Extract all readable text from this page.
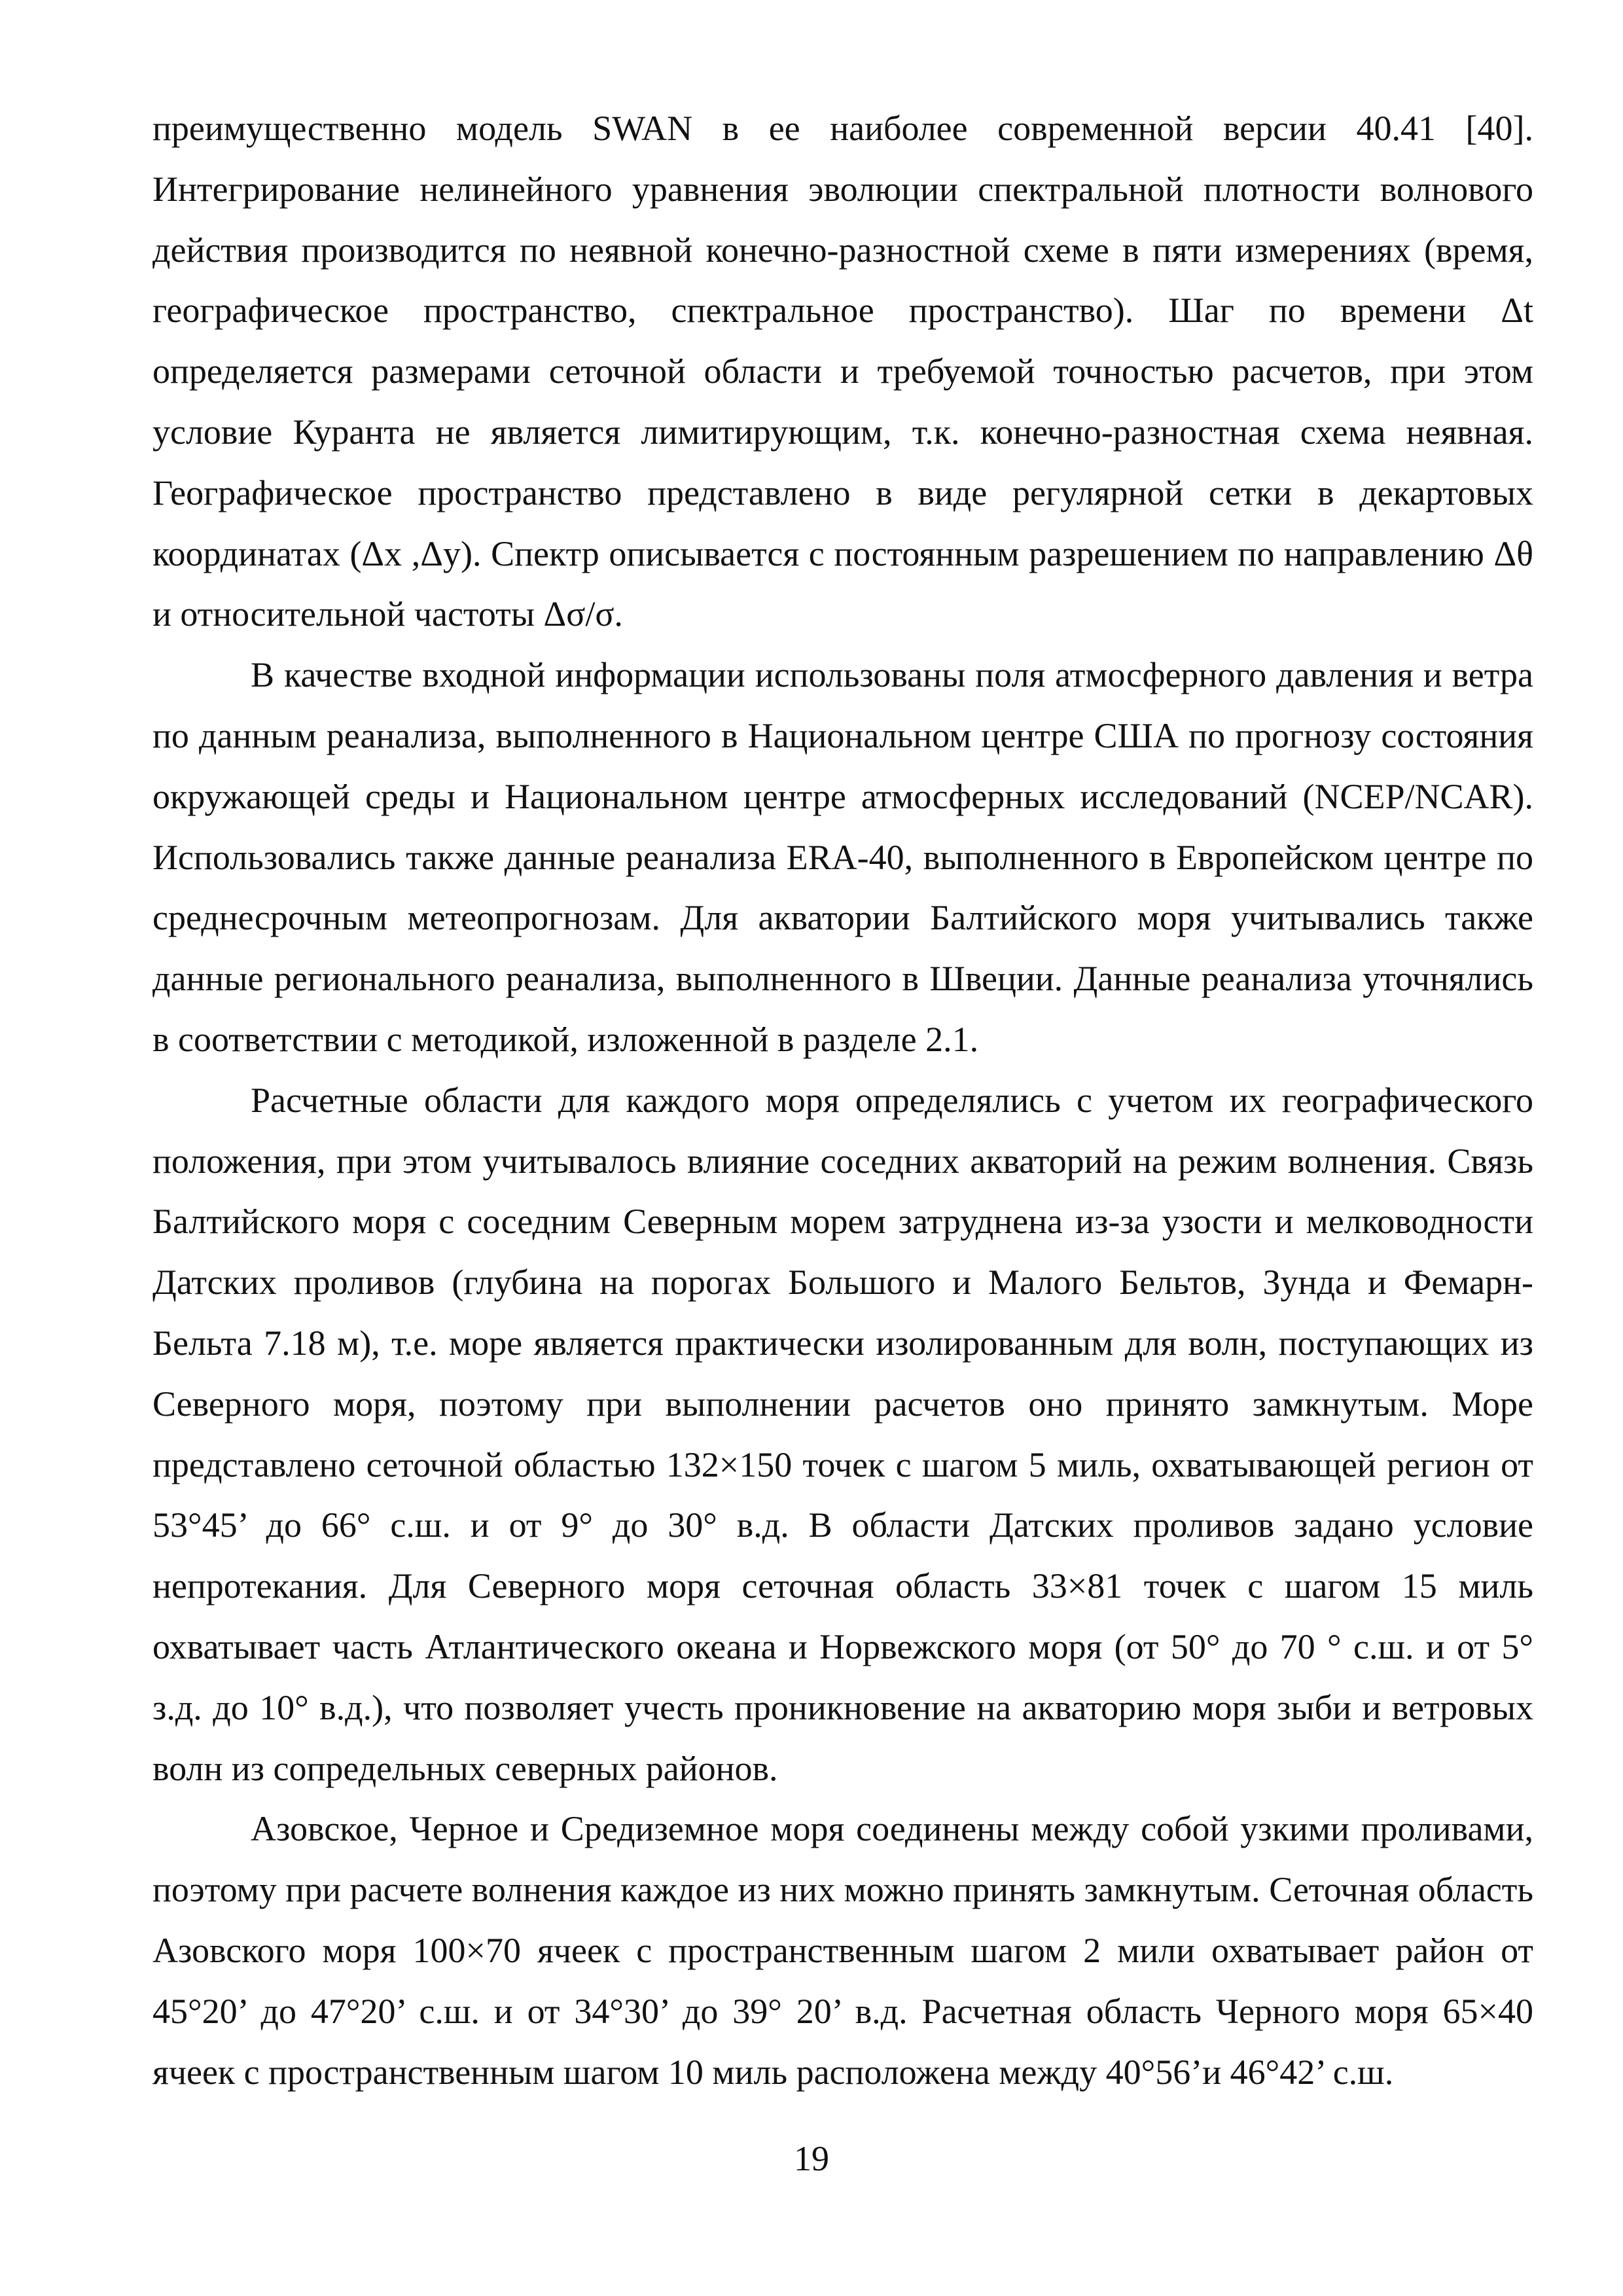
преимущественно модель SWAN в ее наиболее современной версии 40.41 [40]. Интегрирование нелинейного уравнения эволюции спектральной плотности волнового действия производится по неявной конечно-разностной схеме в пяти измерениях (время, географическое пространство, спектральное пространство). Шаг по времени Δt определяется размерами сеточной области и требуемой точностью расчетов, при этом условие Куранта не является лимитирующим, т.к. конечно-разностная схема неявная. Географическое пространство представлено в виде регулярной сетки в декартовых координатах (Δx ,Δy). Спектр описывается с постоянным разрешением по направлению Δθ и относительной частоты Δσ/σ.

В качестве входной информации использованы поля атмосферного давления и ветра по данным реанализа, выполненного в Национальном центре США по прогнозу состояния окружающей среды и Национальном центре атмосферных исследований (NCEP/NCAR). Использовались также данные реанализа ERA-40, выполненного в Европейском центре по среднесрочным метеопрогнозам. Для акватории Балтийского моря учитывались также данные регионального реанализа, выполненного в Швеции. Данные реанализа уточнялись в соответствии с методикой, изложенной в разделе 2.1.

Расчетные области для каждого моря определялись с учетом их географического положения, при этом учитывалось влияние соседних акваторий на режим волнения. Связь Балтийского моря с соседним Северным морем затруднена из-за узости и мелководности Датских проливов (глубина на порогах Большого и Малого Бельтов, Зунда и Фемарн-Бельта 7.18 м), т.е. море является практически изолированным для волн, поступающих из Северного моря, поэтому при выполнении расчетов оно принято замкнутым. Море представлено сеточной областью 132×150 точек с шагом 5 миль, охватывающей регион от 53°45’ до 66° с.ш. и от 9° до 30° в.д. В области Датских проливов задано условие непротекания. Для Северного моря сеточная область 33×81 точек с шагом 15 миль охватывает часть Атлантического океана и Норвежского моря (от 50° до 70 ° с.ш. и от 5° з.д. до 10° в.д.), что позволяет учесть проникновение на акваторию моря зыби и ветровых волн из сопредельных северных районов.

Азовское, Черное и Средиземное моря соединены между собой узкими проливами, поэтому при расчете волнения каждое из них можно принять замкнутым. Сеточная область Азовского моря 100×70 ячеек с пространственным шагом 2 мили охватывает район от 45°20’ до 47°20’ с.ш. и от 34°30’ до 39° 20’ в.д. Расчетная область Черного моря 65×40 ячеек с пространственным шагом 10 миль расположена между 40°56’и 46°42’ с.ш.

19
